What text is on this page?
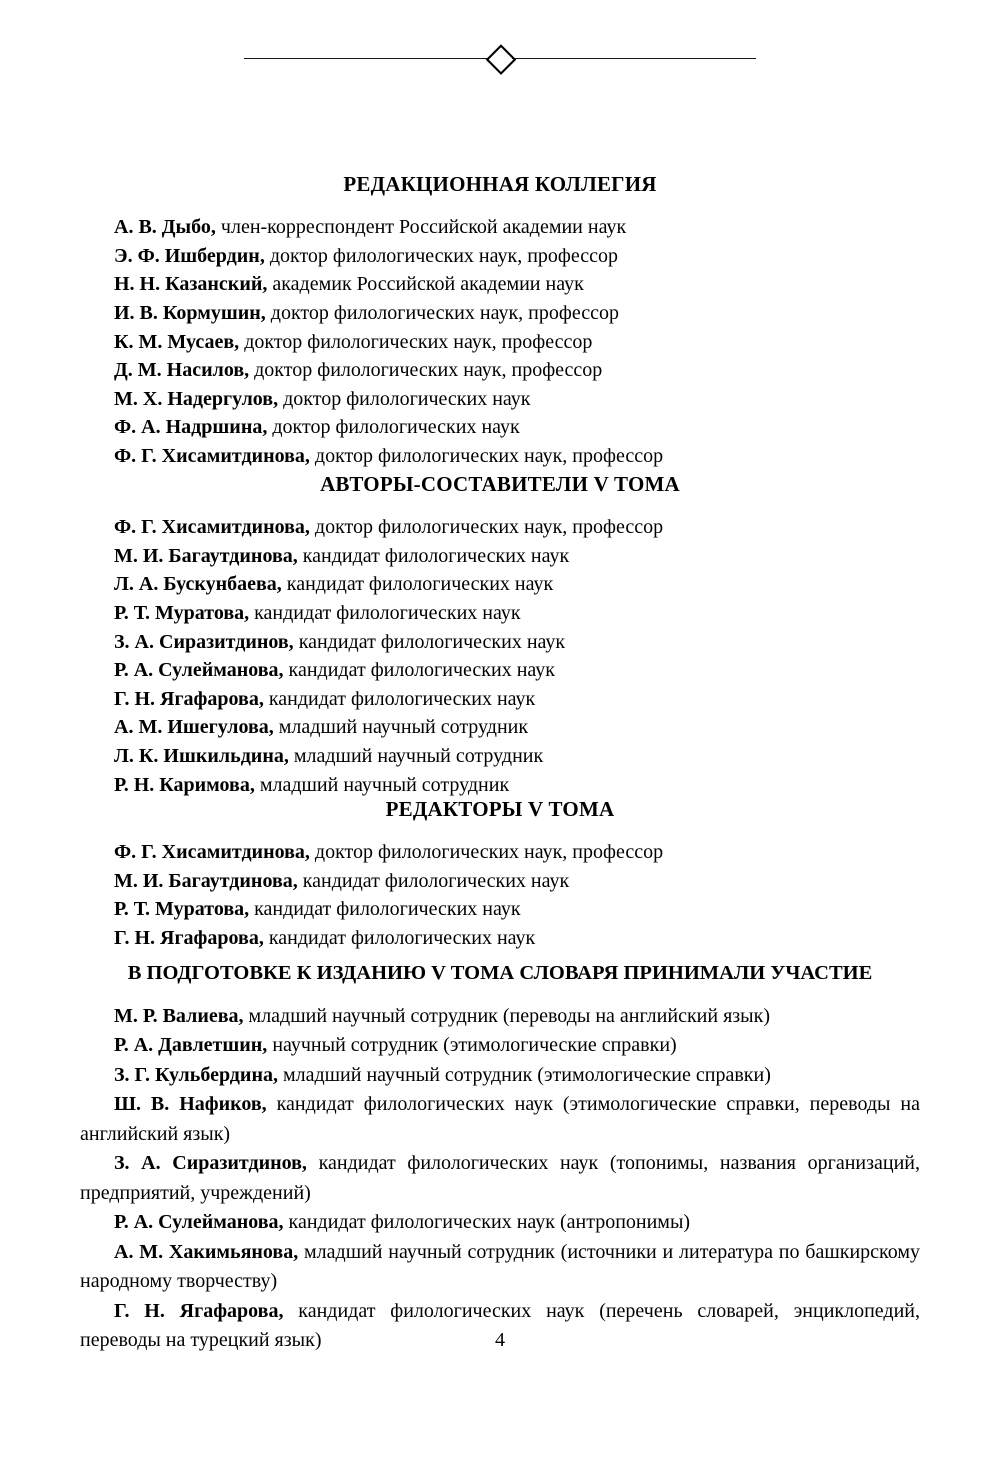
◇
РЕДАКЦИОННАЯ КОЛЛЕГИЯ
А. В. Дыбо, член-корреспондент Российской академии наук
Э. Ф. Ишбердин, доктор филологических наук, профессор
Н. Н. Казанский, академик Российской академии наук
И. В. Кормушин, доктор филологических наук, профессор
К. М. Мусаев, доктор филологических наук, профессор
Д. М. Насилов, доктор филологических наук, профессор
М. Х. Надергулов, доктор филологических наук
Ф. А. Надршина, доктор филологических наук
Ф. Г. Хисамитдинова, доктор филологических наук, профессор
АВТОРЫ-СОСТАВИТЕЛИ V ТОМА
Ф. Г. Хисамитдинова, доктор филологических наук, профессор
М. И. Багаутдинова, кандидат филологических наук
Л. А. Бускунбаева, кандидат филологических наук
Р. Т. Муратова, кандидат филологических наук
З. А. Сиразитдинов, кандидат филологических наук
Р. А. Сулейманова, кандидат филологических наук
Г. Н. Ягафарова, кандидат филологических наук
А. М. Ишегулова, младший научный сотрудник
Л. К. Ишкильдина, младший научный сотрудник
Р. Н. Каримова, младший научный сотрудник
РЕДАКТОРЫ V ТОМА
Ф. Г. Хисамитдинова, доктор филологических наук, профессор
М. И. Багаутдинова, кандидат филологических наук
Р. Т. Муратова, кандидат филологических наук
Г. Н. Ягафарова, кандидат филологических наук
В ПОДГОТОВКЕ К ИЗДАНИЮ V ТОМА СЛОВАРЯ ПРИНИМАЛИ УЧАСТИЕ
М. Р. Валиева, младший научный сотрудник (переводы на английский язык)
Р. А. Давлетшин, научный сотрудник (этимологические справки)
З. Г. Кульбердина, младший научный сотрудник (этимологические справки)
Ш. В. Нафиков, кандидат филологических наук (этимологические справки, переводы на английский язык)
З. А. Сиразитдинов, кандидат филологических наук (топонимы, названия организаций, предприятий, учреждений)
Р. А. Сулейманова, кандидат филологических наук (антропонимы)
А. М. Хакимьянова, младший научный сотрудник (источники и литература по башкирскому народному творчеству)
Г. Н. Ягафарова, кандидат филологических наук (перечень словарей, энциклопедий, переводы на турецкий язык)	4
